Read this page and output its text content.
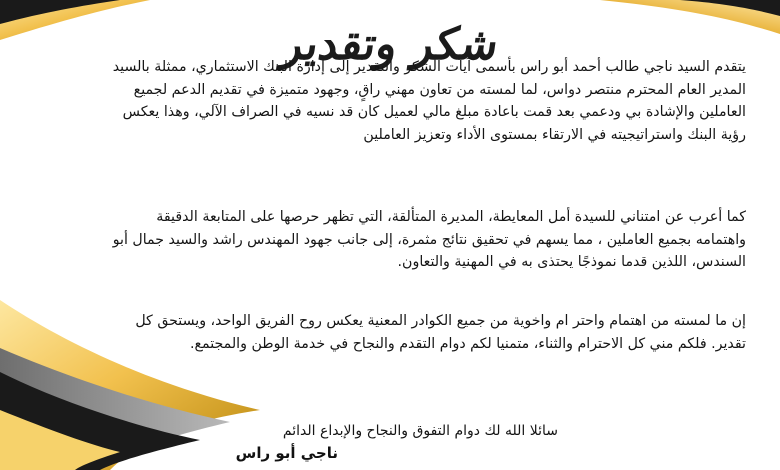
شكر وتقدير

يتقدم السيد ناجي طالب أحمد أبو راس بأسمى آيات الشكر والتقدير إلى إدارة البنك الاستثماري، ممثلة بالسيد المدير العام المحترم منتصر دواس، لما لمسته من تعاون مهني راقٍ، وجهود متميزة في تقديم الدعم لجميع العاملين والإشادة بي ودعمي بعد قمت باعادة مبلغ مالي لعميل كان قد نسيه في الصراف الآلي، وهذا يعكس رؤية البنك واستراتيجيته في الارتقاء بمستوى الأداء وتعزيز العاملين

كما أعرب عن امتناني للسيدة أمل المعايطة، المديرة المتألقة، التي تظهر حرصها على المتابعة الدقيقة واهتمامه بجميع العاملين ، مما يسهم في تحقيق نتائج مثمرة، إلى جانب جهود المهندس راشد والسيد جمال أبو السندس، اللذين قدما نموذجًا يحتذى به في المهنية والتعاون.

إن ما لمسته من اهتمام واحتر ام واخوية من جميع الكوادر المعنية يعكس روح الفريق الواحد، ويستحق كل تقدير. فلكم مني كل الاحترام والثناء، متمنيا لكم دوام التقدم والنجاح في خدمة الوطن والمجتمع.

سائلا الله لك دوام التفوق والنجاح والإبداع الدائم

ناجي أبو راس
